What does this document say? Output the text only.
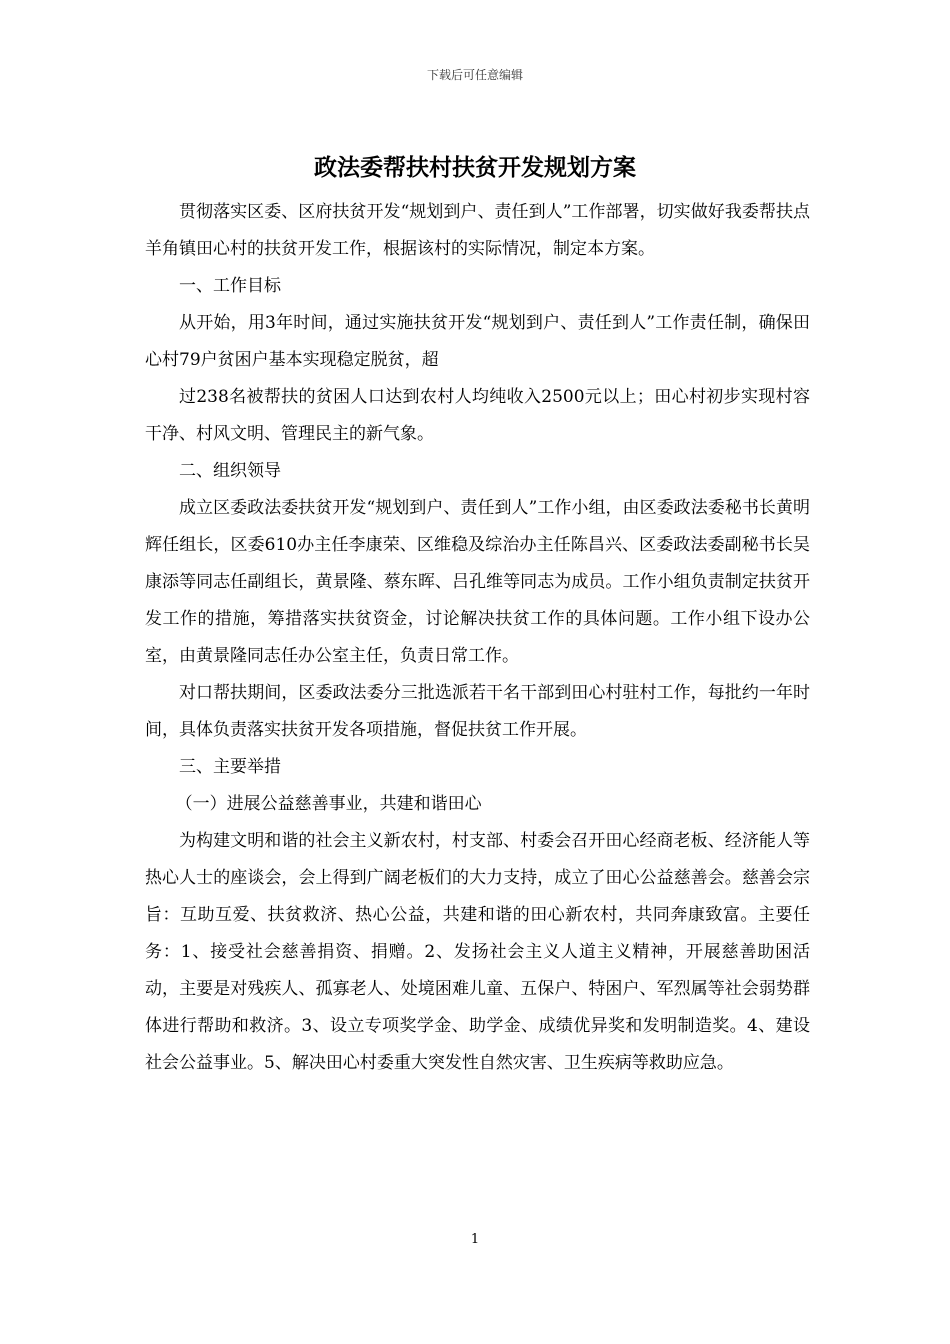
下载后可任意编辑
政法委帮扶村扶贫开发规划方案

贯彻落实区委、区府扶贫开发“规划到户、责任到人”工作部署，切实做好我委帮扶点羊角镇田心村的扶贫开发工作，根据该村的实际情况，制定本方案。

一、工作目标

从开始，用3年时间，通过实施扶贫开发“规划到户、责任到人”工作责任制，确保田心村79户贫困户基本实现稳定脱贫，超

过238名被帮扶的贫困人口达到农村人均纯收入2500元以上；田心村初步实现村容干净、村风文明、管理民主的新气象。

二、组织领导

成立区委政法委扶贫开发“规划到户、责任到人”工作小组，由区委政法委秘书长黄明辉任组长，区委610办主任李康荣、区维稳及综治办主任陈昌兴、区委政法委副秘书长吴康添等同志任副组长，黄景隆、蔡东晖、吕孔维等同志为成员。工作小组负责制定扶贫开发工作的措施，筹措落实扶贫资金，讨论解决扶贫工作的具体问题。工作小组下设办公室，由黄景隆同志任办公室主任，负责日常工作。

对口帮扶期间，区委政法委分三批选派若干名干部到田心村驻村工作，每批约一年时间，具体负责落实扶贫开发各项措施，督促扶贫工作开展。

三、主要举措

（一）进展公益慈善事业，共建和谐田心

为构建文明和谐的社会主义新农村，村支部、村委会召开田心经商老板、经济能人等热心人士的座谈会，会上得到广阔老板们的大力支持，成立了田心公益慈善会。慈善会宗旨：互助互爱、扶贫救济、热心公益，共建和谐的田心新农村，共同奔康致富。主要任务：1、接受社会慈善捐资、捐赠。2、发扬社会主义人道主义精神，开展慈善助困活动，主要是对残疾人、孤寡老人、处境困难儿童、五保户、特困户、军烈属等社会弱势群体进行帮助和救济。3、设立专项奖学金、助学金、成绩优异奖和发明制造奖。4、建设社会公益事业。5、解决田心村委重大突发性自然灾害、卫生疾病等救助应急。

1
